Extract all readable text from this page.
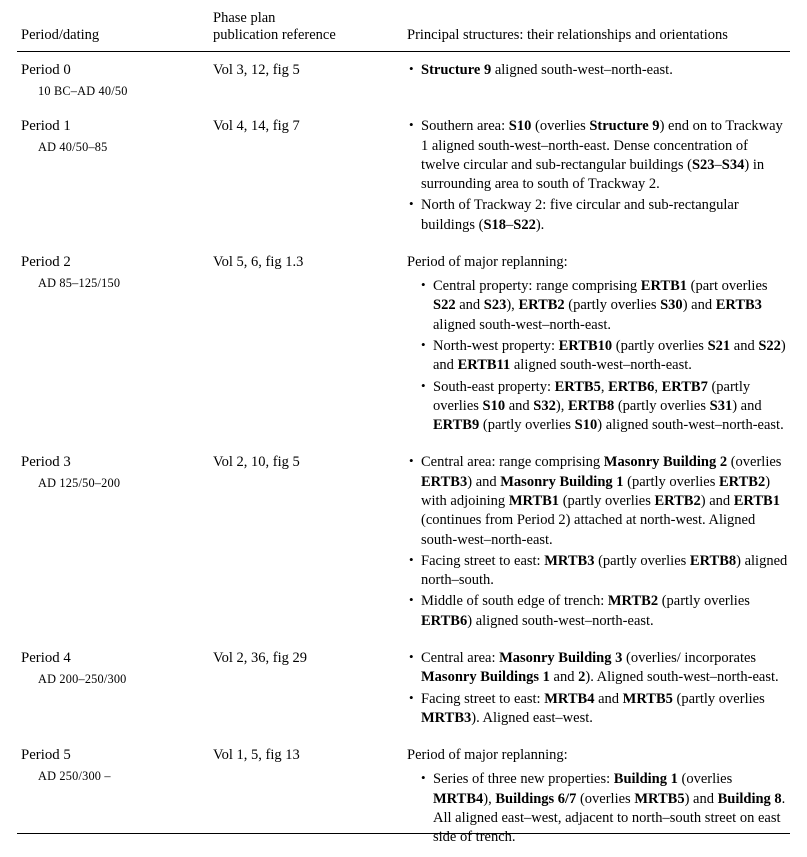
Period/dating	Phase plan
publication reference	Principal structures: their relationships and orientations
Period 0
10 BC–AD 40/50
	Vol 3, 12, fig 5	
•Structure 9 aligned south-west–north-east.

Period 1
AD 40/50–85
	Vol 4, 14, fig 7	
•Southern area: S10 (overlies Structure 9) end on to Trackway 1 aligned south-west–north-east. Dense concentration of twelve circular and sub-rectangular buildings (S23–S34) in surrounding area to south of Trackway 2.
• North of Trackway 2: five circular and sub-rectangular buildings (S18–S22).

Period 2
AD 85–125/150
	Vol 5, 6, fig 1.3	Period of major replanning:
• Central property: range comprising ERTB1 (part overlies S22 and S23), ERTB2 (partly overlies S30) and ERTB3 aligned south-west–north-east.
• North-west property: ERTB10 (partly overlies S21 and S22) and ERTB11 aligned south-west–north-east.
• South-east property: ERTB5, ERTB6, ERTB7 (partly overlies S10 and S32), ERTB8 (partly overlies S31) and ERTB9 (partly overlies S10) aligned south-west–north-east.

Period 3
AD 125/50–200
	Vol 2, 10, fig 5	
•Central area: range comprising Masonry Building 2 (overlies ERTB3) and Masonry Building 1 (partly overlies ERTB2) with adjoining MRTB1 (partly overlies ERTB2) and ERTB1 (continues from Period 2) attached at north-west. Aligned south-west–north-east.
• Facing street to east: MRTB3 (partly overlies ERTB8) aligned north–south.
• Middle of south edge of trench: MRTB2 (partly overlies ERTB6) aligned south-west–north-east.

Period 4
AD 200–250/300
	Vol 2, 36, fig 29	
•Central area: Masonry Building 3 (overlies/ incorporates Masonry Buildings 1 and 2). Aligned south-west–north-east.
• Facing street to east: MRTB4 and MRTB5 (partly overlies MRTB3). Aligned east–west.

Period 5
AD 250/300 –
	Vol 1, 5, fig 13	Period of major replanning:
• Series of three new properties: Building 1 (overlies MRTB4), Buildings 6/7 (overlies MRTB5) and Building 8. All aligned east–west, adjacent to north–south street on east side of trench.
